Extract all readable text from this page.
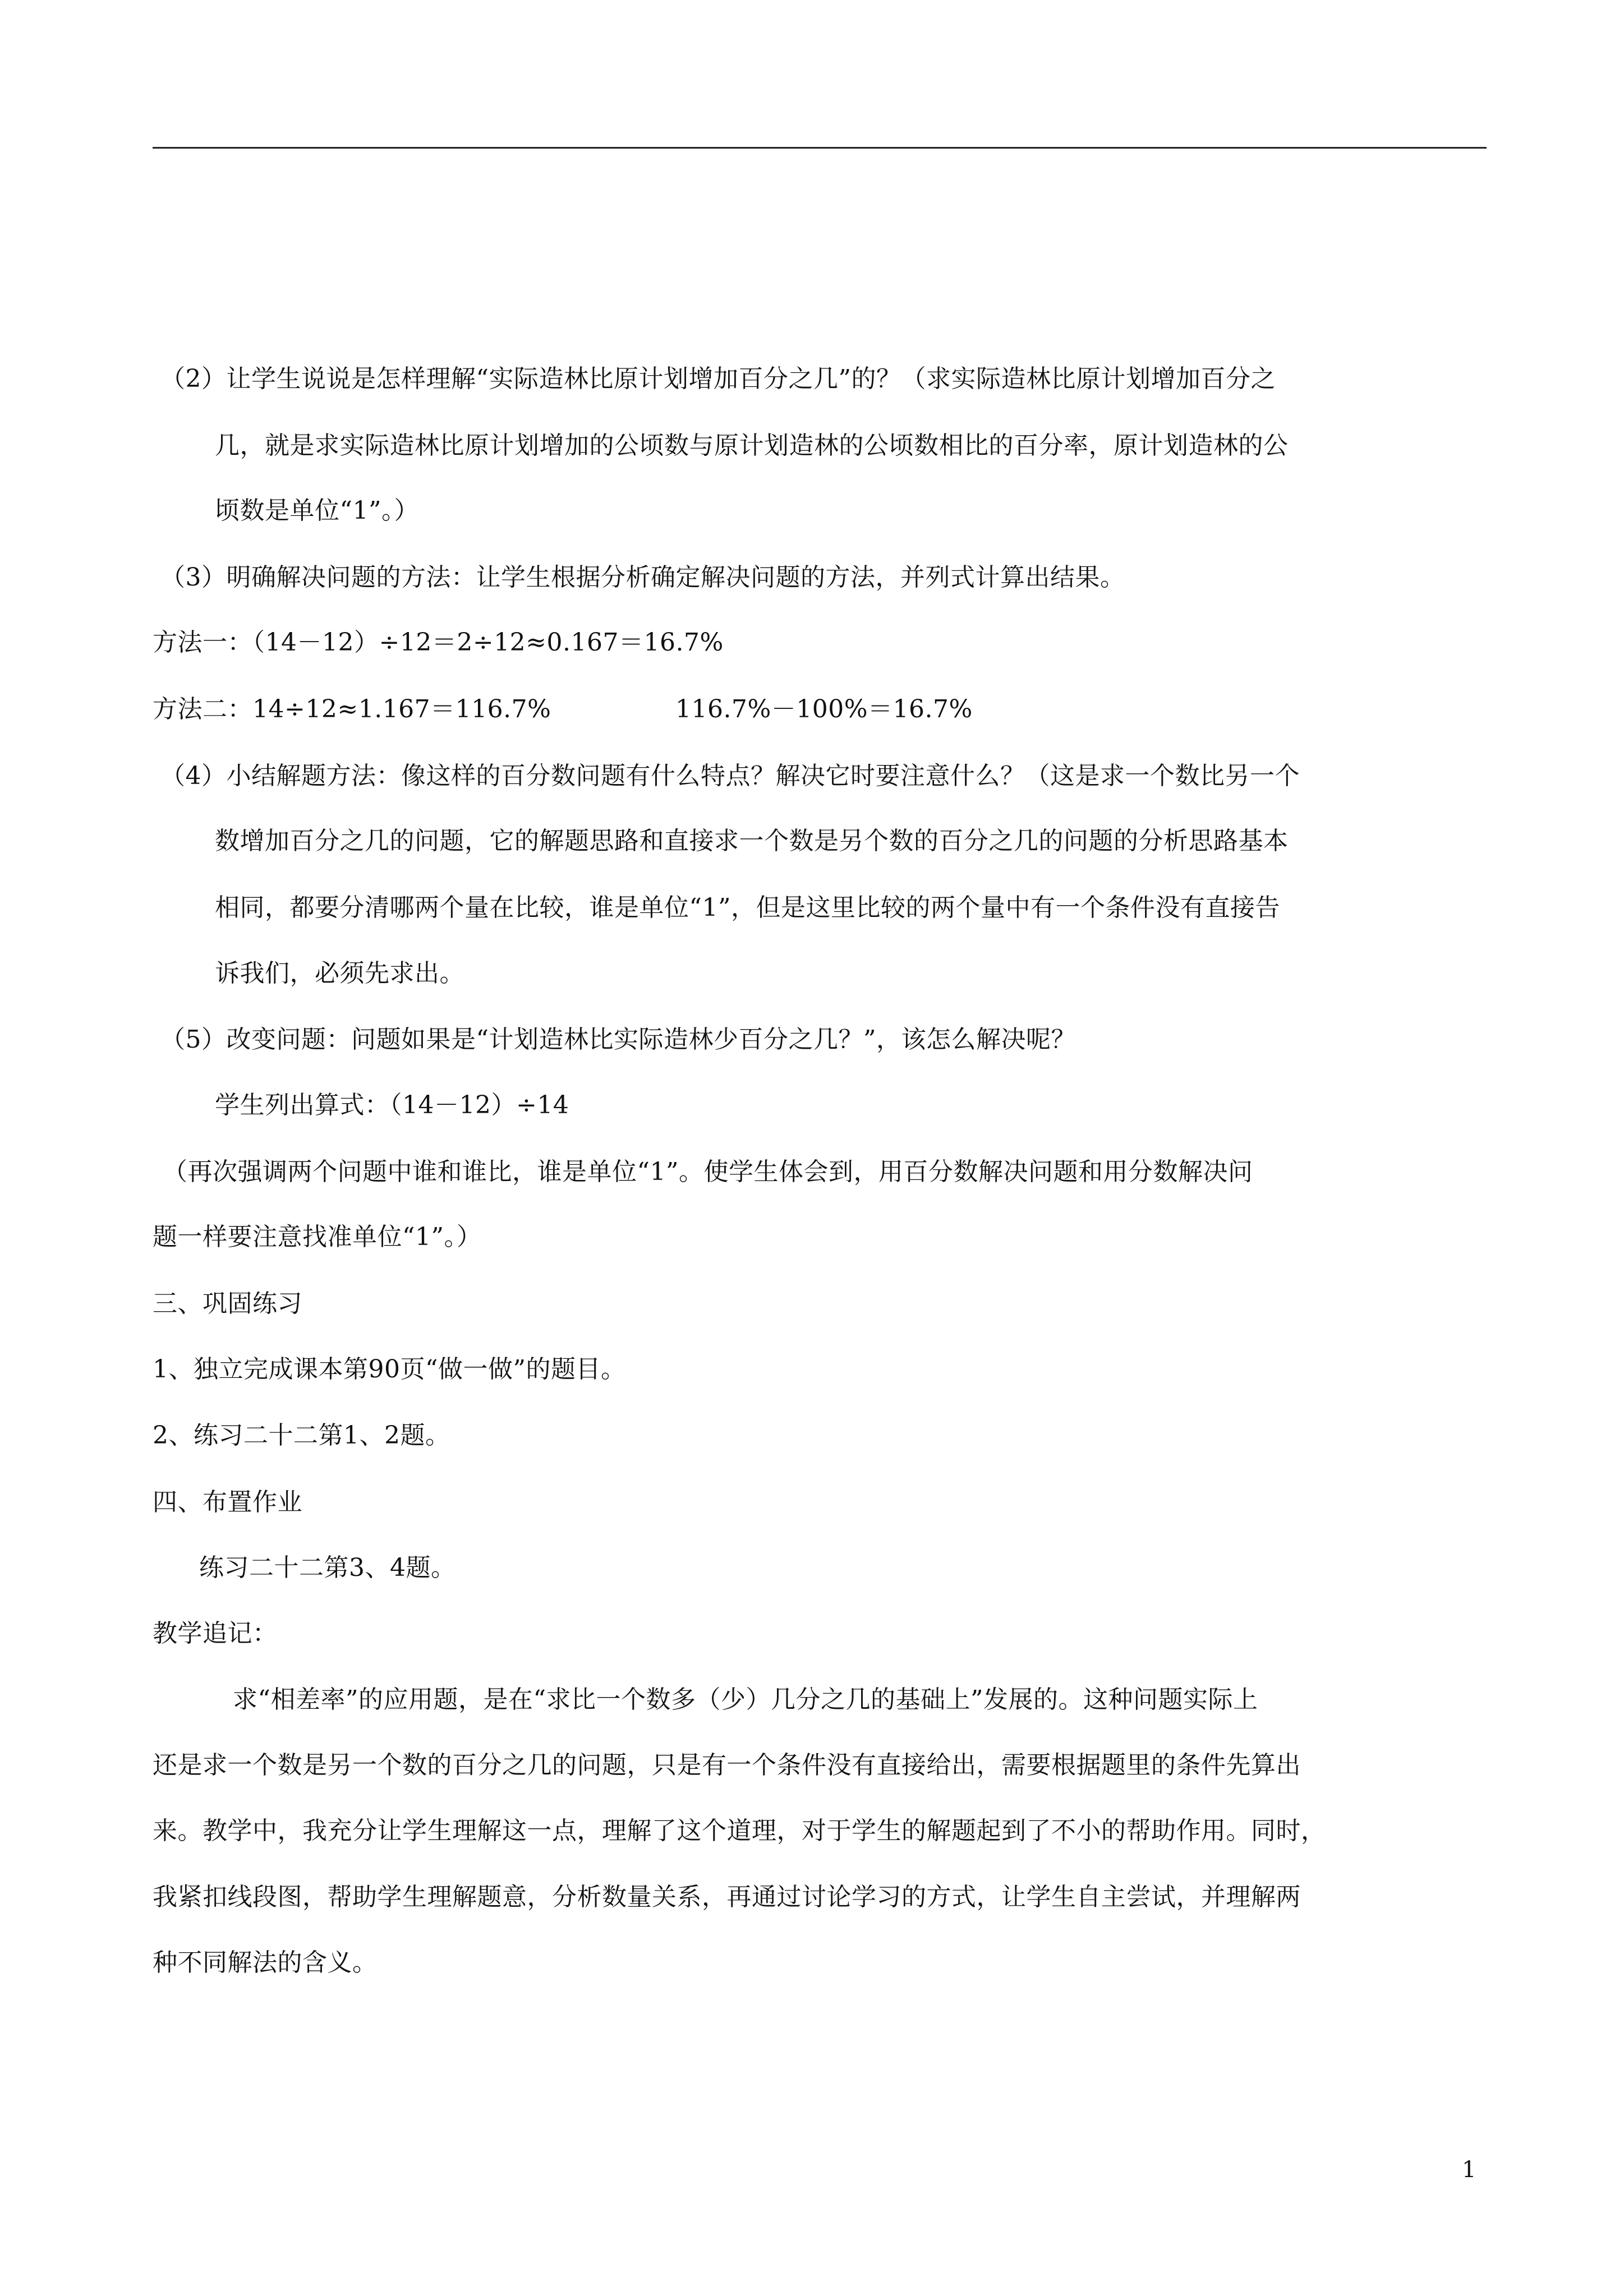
（2）让学生说说是怎样理解“实际造林比原计划增加百分之几”的？（求实际造林比原计划增加百分之
几，就是求实际造林比原计划增加的公顷数与原计划造林的公顷数相比的百分率，原计划造林的公
顷数是单位“1”。）
（3）明确解决问题的方法：让学生根据分析确定解决问题的方法，并列式计算出结果。
方法一：（14－12）÷12＝2÷12≈0.167＝16.7%
方法二：14÷12≈1.167＝116.7%	116.7%－100%＝16.7%
（4）小结解题方法：像这样的百分数问题有什么特点？解决它时要注意什么？（这是求一个数比另一个
数增加百分之几的问题，它的解题思路和直接求一个数是另个数的百分之几的问题的分析思路基本
相同，都要分清哪两个量在比较，谁是单位“1”，但是这里比较的两个量中有一个条件没有直接告
诉我们，必须先求出。
（5）改变问题：问题如果是“计划造林比实际造林少百分之几？”，该怎么解决呢？
学生列出算式：（14－12）÷14
（再次强调两个问题中谁和谁比，谁是单位“1”。使学生体会到，用百分数解决问题和用分数解决问
题一样要注意找准单位“1”。）
三、巩固练习
1、独立完成课本第90页“做一做”的题目。
2、练习二十二第1、2题。
四、布置作业
练习二十二第3、4题。
教学追记：
求“相差率”的应用题，是在“求比一个数多（少）几分之几的基础上”发展的。这种问题实际上
还是求一个数是另一个数的百分之几的问题，只是有一个条件没有直接给出，需要根据题里的条件先算出
来。教学中，我充分让学生理解这一点，理解了这个道理，对于学生的解题起到了不小的帮助作用。同时，
我紧扣线段图，帮助学生理解题意，分析数量关系，再通过讨论学习的方式，让学生自主尝试，并理解两
种不同解法的含义。
1
